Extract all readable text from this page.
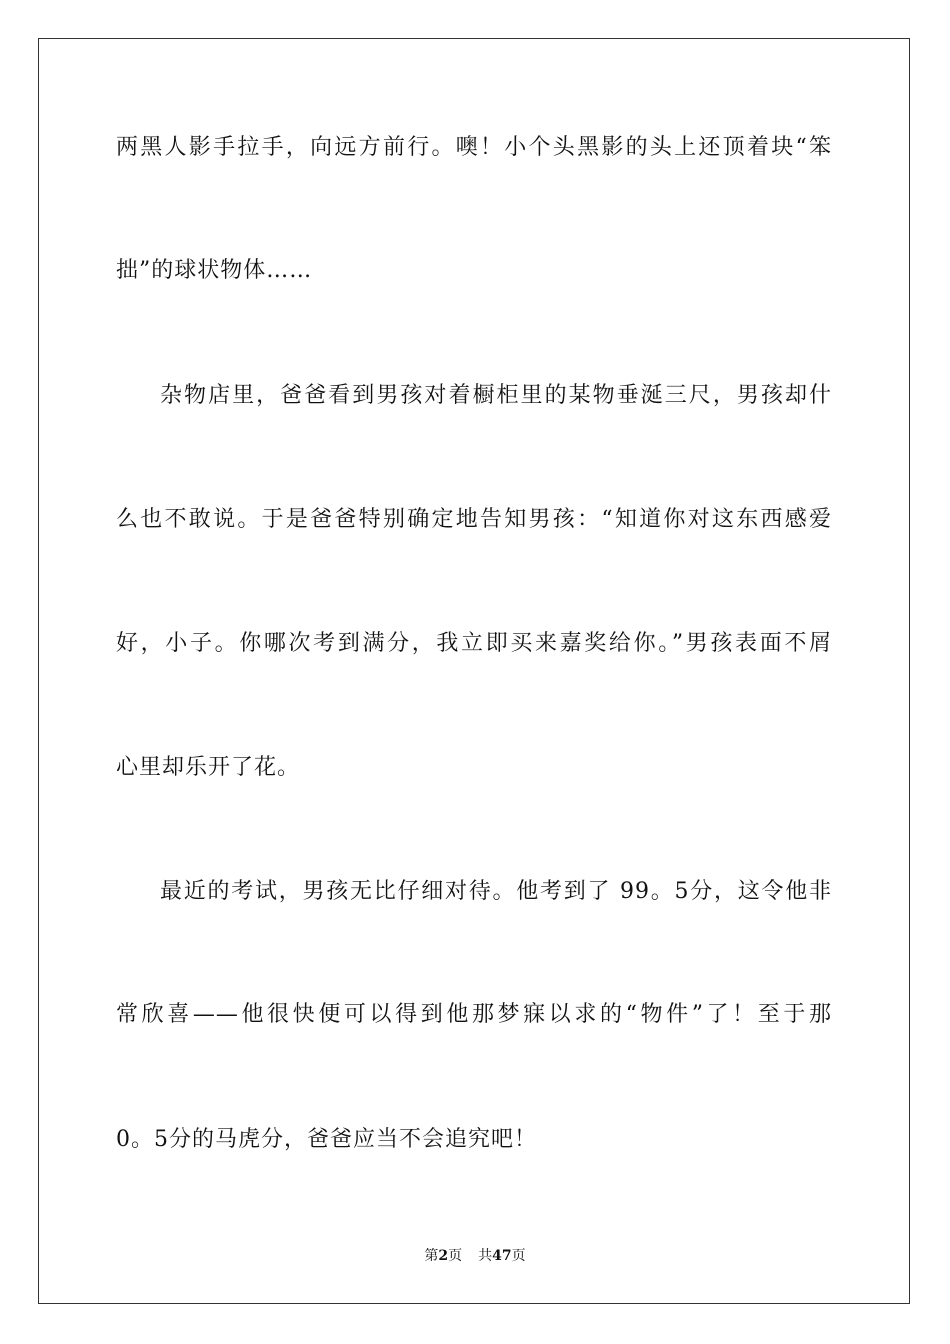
两黑人影手拉手，向远方前行。噢！小个头黑影的头上还顶着块“笨
拙”的球状物体……
杂物店里，爸爸看到男孩对着橱柜里的某物垂涎三尺，男孩却什
么也不敢说。于是爸爸特别确定地告知男孩：“知道你对这东西感爱
好，小子。你哪次考到满分，我立即买来嘉奖给你。”男孩表面不屑
心里却乐开了花。
最近的考试，男孩无比仔细对待。他考到了 99。5分，这令他非
常欣喜——他很快便可以得到他那梦寐以求的“物件”了！至于那
0。5分的马虎分，爸爸应当不会追究吧！
第2页 共47页
